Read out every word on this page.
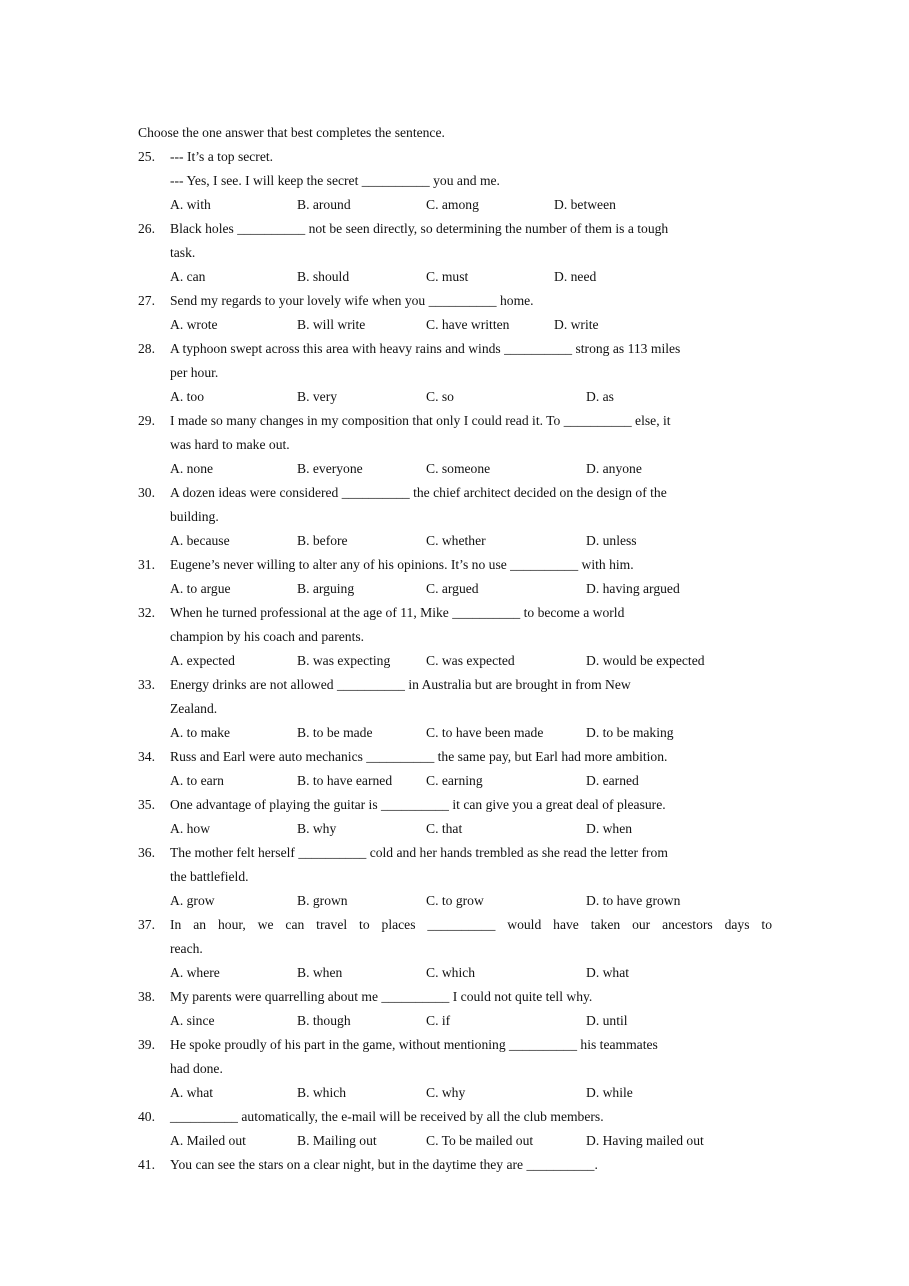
Choose the one answer that best completes the sentence.
25. --- It’s a top secret.
--- Yes, I see. I will keep the secret __________ you and me.
A. with	B. around	C. among	D. between
26. Black holes __________ not be seen directly, so determining the number of them is a tough
task.
A. can	B. should	C. must	D. need
27. Send my regards to your lovely wife when you __________ home.
A. wrote	B. will write	C. have written	D. write
28. A typhoon swept across this area with heavy rains and winds __________ strong as 113 miles
per hour.
A. too	B. very	C. so	D. as
29. I made so many changes in my composition that only I could read it. To __________ else, it
was hard to make out.
A. none	B. everyone	C. someone	D. anyone
30. A dozen ideas were considered __________ the chief architect decided on the design of the
building.
A. because	B. before	C. whether	D. unless
31. Eugene’s never willing to alter any of his opinions. It’s no use __________ with him.
A. to argue	B. arguing	C. argued	D. having argued
32. When he turned professional at the age of 11, Mike __________ to become a world
champion by his coach and parents.
A. expected	B. was expecting	C. was expected	D. would be expected
33. Energy drinks are not allowed __________ in Australia but are brought in from New
Zealand.
A. to make	B. to be made	C. to have been made	D. to be making
34. Russ and Earl were auto mechanics __________ the same pay, but Earl had more ambition.
A. to earn	B. to have earned C. earning	D. earned
35. One advantage of playing the guitar is __________ it can give you a great deal of pleasure.
A. how	B. why	C. that	D. when
36. The mother felt herself __________ cold and her hands trembled as she read the letter from
the battlefield.
A. grow	B. grown	C. to grow	D. to have grown
37. In an hour, we can travel to places __________ would have taken our ancestors days to
reach.
A. where	B. when	C. which	D. what
38. My parents were quarrelling about me __________ I could not quite tell why.
A. since	B. though	C. if	D. until
39. He spoke proudly of his part in the game, without mentioning __________ his teammates
had done.
A. what	B. which	C. why	D. while
40. __________ automatically, the e-mail will be received by all the club members.
A. Mailed out	B. Mailing out	C. To be mailed out	D. Having mailed out
41. You can see the stars on a clear night, but in the daytime they are __________.
